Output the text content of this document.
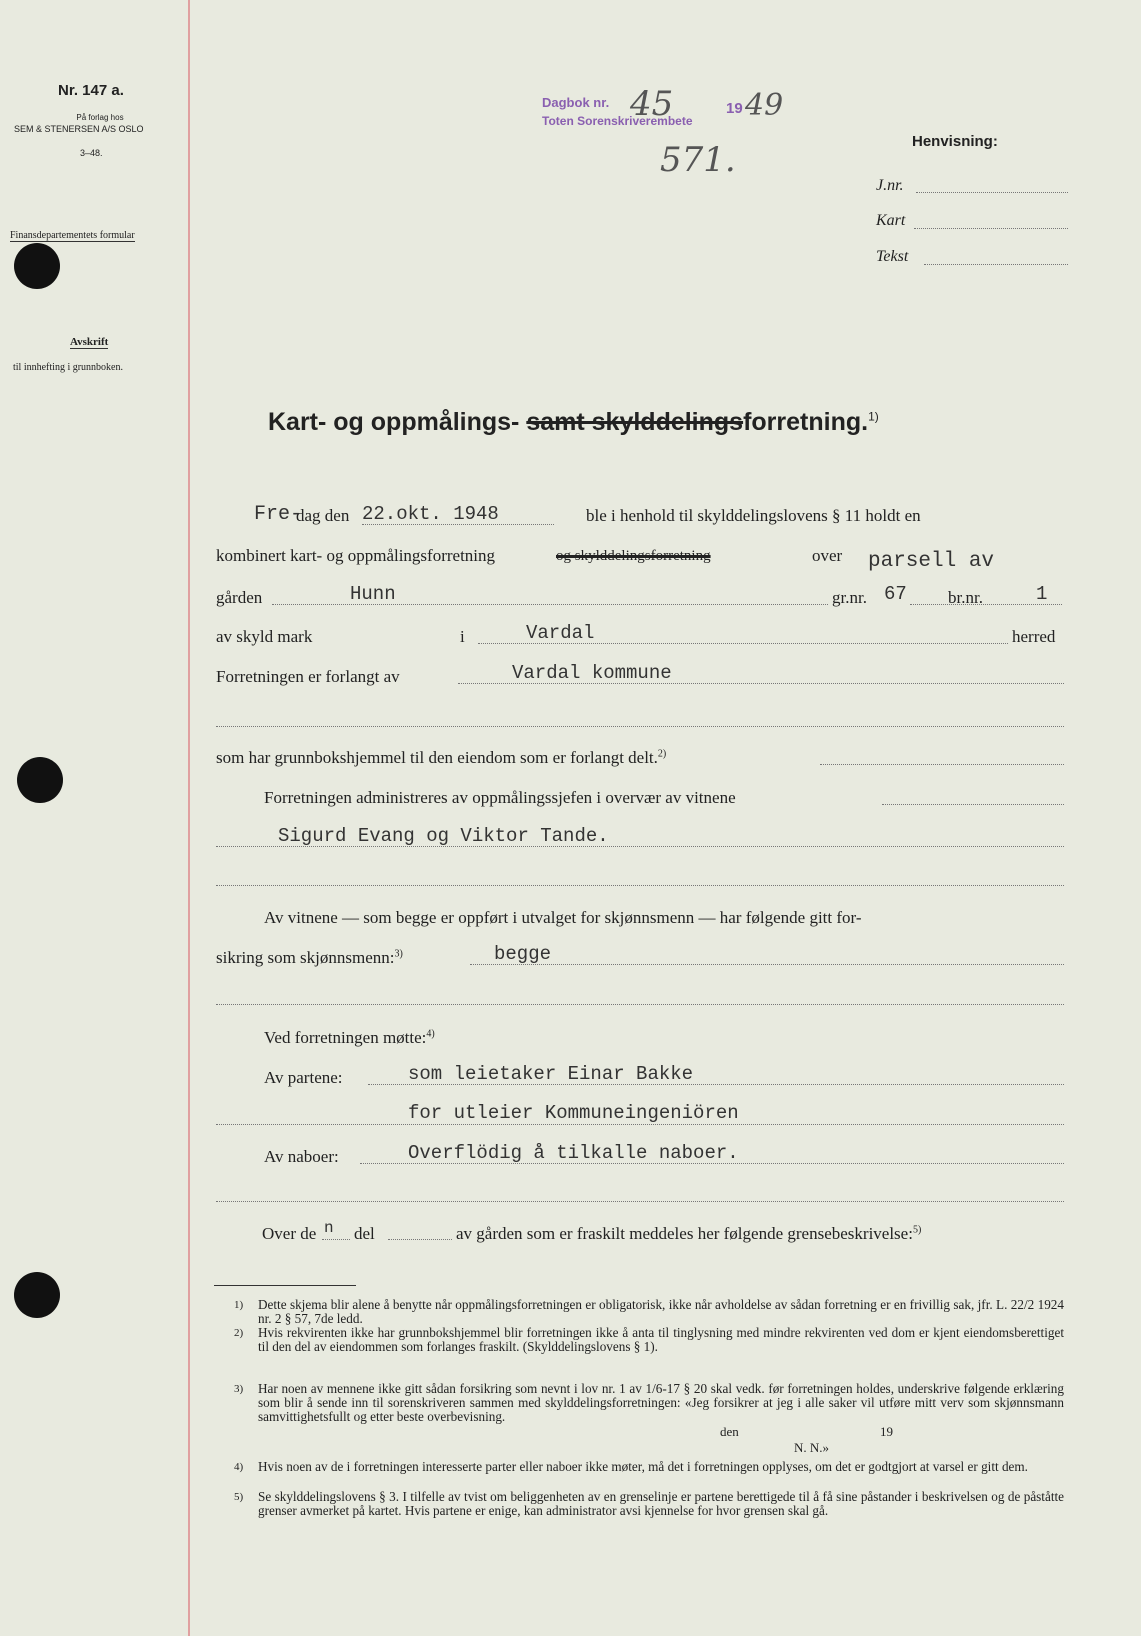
Nr. 147 a.
På forlag hos
SEM & STENERSEN A/S OSLO
3–48.
Finansdepartementets formular
Avskrift
til innhefting i grunnboken.
Dagbok nr.
Toten Sorenskriverembete
45	19 49
571.	Henvisning:
J.nr.
Kart
Tekst
Kart- og oppmålings- samt skylddelingsforretning.$^{1)}$
Fre-
dag den 22.okt. 1948	ble i henhold til skylddelingslovens § 11 holdt en
kombinert kart- og oppmålingsforretning	og skylddelingsforretning	over parsell av
gården	Hunn	gr.nr. 67 br.nr.	1
av skyld mark	i	Vardal	herred
Forretningen er forlangt av	Vardal kommune
som har grunnbokshjemmel til den eiendom som er forlangt delt.$^{2)}$
Forretningen administreres av oppmålingssjefen i overvær av vitnene
Sigurd Evang og Viktor Tande.
Av vitnene — som begge er oppført i utvalget for skjønnsmenn — har følgende gitt for-
sikring som skjønnsmenn:$^{3)}$	begge
Ved forretningen møtte:$^{4)}$
Av partene:	som leietaker Einar Bakke
for utleier Kommuneingeniören
Av naboer:	Overflödig å tilkalle naboer.
Over de n del	av gården som er fraskilt meddeles her følgende grensebeskrivelse:$^{5)}$
1) Dette skjema blir alene å benytte når oppmålingsforretningen er obligatorisk, ikke når avholdelse av sådan forretning er en frivillig sak, jfr. L. 22/2 1924 nr. 2 § 57, 7de ledd.
2) Hvis rekvirenten ikke har grunnbokshjemmel blir forretningen ikke å anta til tinglysning med mindre rekvirenten ved dom er kjent eiendomsberettiget til den del av eiendommen som forlanges fraskilt. (Skylddelingslovens § 1).
3) Har noen av mennene ikke gitt sådan forsikring som nevnt i lov nr. 1 av 1/6-17 § 20 skal vedk. før forretningen holdes, underskrive følgende erklæring som blir å sende inn til sorenskriveren sammen med skylddelingsforretningen: «Jeg forsikrer at jeg i alle saker vil utføre mitt verv som skjønnsmann samvittighetsfullt og etter beste overbevisning.
den	19
N. N.»
4) Hvis noen av de i forretningen interesserte parter eller naboer ikke møter, må det i forretningen opplyses, om det er godtgjort at varsel er gitt dem.
5) Se skylddelingslovens § 3. I tilfelle av tvist om beliggenheten av en grenselinje er partene berettigede til å få sine påstander i beskrivelsen og de påståtte grenser avmerket på kartet. Hvis partene er enige, kan administrator avsi kjennelse for hvor grensen skal gå.
